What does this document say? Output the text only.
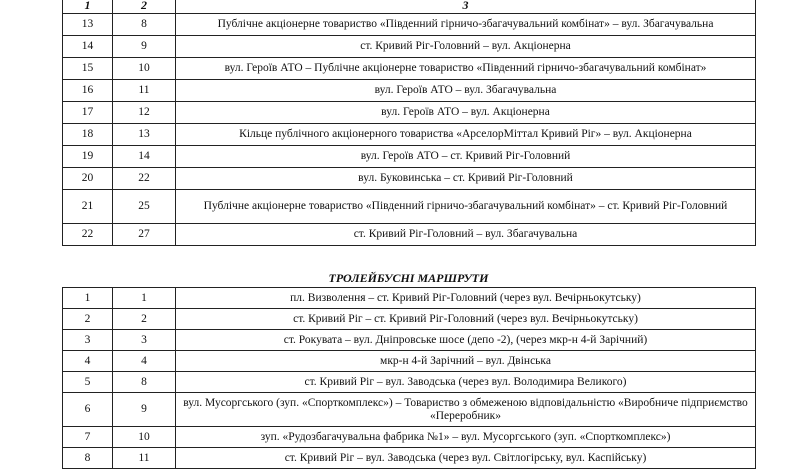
1	2	3
13	8	Публічне акціонерне товариство «Південний гірничо-збагачувальний комбінат» – вул. Збагачувальна
14	9	ст. Кривий Ріг-Головний – вул. Акціонерна
15	10	вул. Героїв АТО – Публічне акціонерне товариство «Південний гірничо-збагачувальний комбінат»
16	11	вул. Героїв АТО – вул. Збагачувальна
17	12	вул. Героїв АТО – вул. Акціонерна
18	13	Кільце публічного акціонерного товариства «АрселорМіттал Кривий Ріг» – вул. Акціонерна
19	14	вул. Героїв АТО – ст. Кривий Ріг-Головний
20	22	вул. Буковинська – ст. Кривий Ріг-Головний
21	25	Публічне акціонерне товариство «Південний гірничо-збагачувальний комбінат» – ст. Кривий Ріг-Головний
22	27	ст. Кривий Ріг-Головний – вул. Збагачувальна
ТРОЛЕЙБУСНІ МАРШРУТИ
1	1	пл. Визволення – ст. Кривий Ріг-Головний (через вул. Вечірньокутську)
2	2	ст. Кривий Ріг – ст. Кривий Ріг-Головний (через вул. Вечірньокутську)
3	3	ст. Рокувата – вул. Дніпровське шосе (депо -2), (через мкр-н 4-й Зарічний)
4	4	мкр-н 4-й Зарічний – вул. Двінська
5	8	ст. Кривий Ріг – вул. Заводська (через вул. Володимира Великого)
6	9	вул. Мусоргського (зуп. «Спорткомплекс») – Товариство з обмеженою відповідальністю «Виробниче підприємство «Переробник»
7	10	зуп. «Рудозбагачувальна фабрика №1» – вул. Мусоргського (зуп. «Спорткомплекс»)
8	11	ст. Кривий Ріг – вул. Заводська (через вул. Світлогірську, вул. Каспійську)
